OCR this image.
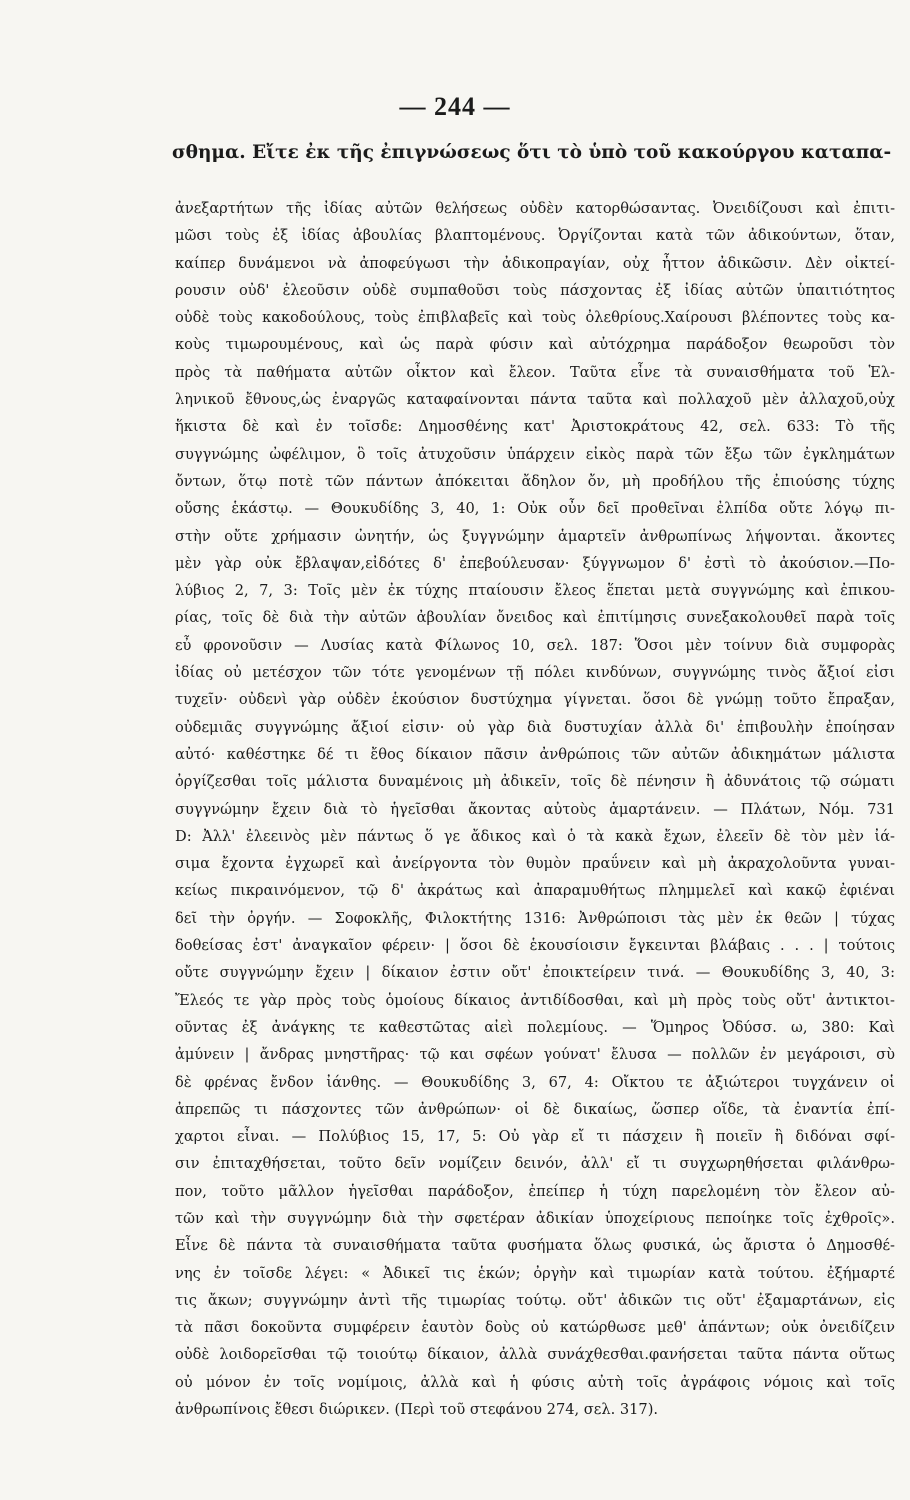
— 244 —
σθημα. Εἴτε ἐκ τῆς ἐπιγνώσεως ὅτι τὸ ὑπὸ τοῦ κακούργου καταπα-
ἀνεξαρτήτων τῆς ἰδίας αὐτῶν θελήσεως οὐδὲν κατορθώσαντας. Ὀνειδίζουσι καὶ ἐπιτι-
μῶσι τοὺς ἐξ ἰδίας ἀβουλίας βλαπτομένους. Ὀργίζονται κατὰ τῶν ἀδικούντων, ὅταν,
καίπερ δυνάμενοι νὰ ἀποφεύγωσι τὴν ἀδικοπραγίαν, οὐχ ἧττον ἀδικῶσιν. Δὲν οἰκτεί-
ρουσιν οὐδ' ἐλεοῦσιν οὐδὲ συμπαθοῦσι τοὺς πάσχοντας ἐξ ἰδίας αὐτῶν ὑπαιτιότητος
οὐδὲ τοὺς κακοδούλους, τοὺς ἐπιβλαβεῖς καὶ τοὺς ὀλεθρίους.Χαίρουσι βλέποντες τοὺς κα-
κοὺς τιμωρουμένους, καὶ ὡς παρὰ φύσιν καὶ αὐτόχρημα παράδοξον θεωροῦσι τὸν
πρὸς τὰ παθήματα αὐτῶν οἶκτον καὶ ἔλεον. Ταῦτα εἶνε τὰ συναισθήματα τοῦ Ἑλ-
ληνικοῦ ἔθνους,ὡς ἐναργῶς καταφαίνονται πάντα ταῦτα καὶ πολλαχοῦ μὲν ἀλλαχοῦ,οὐχ
ἥκιστα δὲ καὶ ἐν τοῖσδε: Δημοσθένης κατ' Ἀριστοκράτους 42, σελ. 633: Τὸ τῆς
συγγνώμης ὠφέλιμον, ὃ τοῖς ἀτυχοῦσιν ὑπάρχειν εἰκὸς παρὰ τῶν ἔξω τῶν ἐγκλημάτων
ὄντων, ὅτῳ ποτὲ τῶν πάντων ἀπόκειται ἄδηλον ὄν, μὴ προδήλου τῆς ἐπιούσης τύχης
οὔσης ἑκάστῳ. — Θουκυδίδης 3, 40, 1: Οὐκ οὖν δεῖ προθεῖναι ἐλπίδα οὔτε λόγῳ πι-
στὴν οὔτε χρήμασιν ὠνητήν, ὡς ξυγγνώμην ἁμαρτεῖν ἀνθρωπίνως λήψονται. ἄκοντες
μὲν γὰρ οὐκ ἔβλαψαν,εἰδότες δ' ἐπεβούλευσαν· ξύγγνωμον δ' ἐστὶ τὸ ἀκούσιον.—Πο-
λύβιος 2, 7, 3: Τοῖς μὲν ἐκ τύχης πταίουσιν ἔλεος ἕπεται μετὰ συγγνώμης καὶ ἐπικου-
ρίας, τοῖς δὲ διὰ τὴν αὐτῶν ἀβουλίαν ὄνειδος καὶ ἐπιτίμησις συνεξακολουθεῖ παρὰ τοῖς
εὖ φρονοῦσιν — Λυσίας κατὰ Φίλωνος 10, σελ. 187: Ὅσοι μὲν τοίνυν διὰ συμφορὰς
ἰδίας οὐ μετέσχον τῶν τότε γενομένων τῇ πόλει κινδύνων, συγγνώμης τινὸς ἄξιοί εἰσι
τυχεῖν· οὐδενὶ γὰρ οὐδὲν ἑκούσιον δυστύχημα γίγνεται. ὅσοι δὲ γνώμῃ τοῦτο ἔπραξαν,
οὐδεμιᾶς συγγνώμης ἄξιοί εἰσιν· οὐ γὰρ διὰ δυστυχίαν ἀλλὰ δι' ἐπιβουλὴν ἐποίησαν
αὐτό· καθέστηκε δέ τι ἔθος δίκαιον πᾶσιν ἀνθρώποις τῶν αὐτῶν ἀδικημάτων μάλιστα
ὀργίζεσθαι τοῖς μάλιστα δυναμένοις μὴ ἀδικεῖν, τοῖς δὲ πένησιν ἢ ἀδυνάτοις τῷ σώματι
συγγνώμην ἔχειν διὰ τὸ ἡγεῖσθαι ἄκοντας αὐτοὺς ἁμαρτάνειν. — Πλάτων, Νόμ. 731
D: Ἀλλ' ἐλεεινὸς μὲν πάντως ὅ γε ἄδικος καὶ ὁ τὰ κακὰ ἔχων, ἐλεεῖν δὲ τὸν μὲν ἰά-
σιμα ἔχοντα ἐγχωρεῖ καὶ ἀνείργοντα τὸν θυμὸν πραΰνειν καὶ μὴ ἀκραχολοῦντα γυναι-
κείως πικραινόμενον, τῷ δ' ἀκράτως καὶ ἀπαραμυθήτως πλημμελεῖ καὶ κακῷ ἐφιέναι
δεῖ τὴν ὀργήν. — Σοφοκλῆς, Φιλοκτήτης 1316: Ἀνθρώποισι τὰς μὲν ἐκ θεῶν | τύχας
δοθείσας ἐστ' ἀναγκαῖον φέρειν· | ὅσοι δὲ ἑκουσίοισιν ἔγκεινται βλάβαις . . . | τούτοις
οὔτε συγγνώμην ἔχειν | δίκαιον ἐστιν οὔτ' ἐποικτείρειν τινά. — Θουκυδίδης 3, 40, 3:
Ἔλεός τε γὰρ πρὸς τοὺς ὁμοίους δίκαιος ἀντιδίδοσθαι, καὶ μὴ πρὸς τοὺς οὔτ' ἀντικτοι-
οῦντας ἐξ ἀνάγκης τε καθεστῶτας αἰεὶ πολεμίους. — Ὅμηρος Ὀδύσσ. ω, 380: Καὶ
ἀμύνειν | ἄνδρας μνηστῆρας· τῷ και σφέων γούνατ' ἔλυσα — πολλῶν ἐν μεγάροισι, σὺ
δὲ φρένας ἔνδον ἰάνθης. — Θουκυδίδης 3, 67, 4: Οἴκτου τε ἀξιώτεροι τυγχάνειν οἱ
ἀπρεπῶς τι πάσχοντες τῶν ἀνθρώπων· οἱ δὲ δικαίως, ὥσπερ οἵδε, τὰ ἐναντία ἐπί-
χαρτοι εἶναι. — Πολύβιος 15, 17, 5: Οὐ γὰρ εἴ τι πάσχειν ἢ ποιεῖν ἢ διδόναι σφί-
σιν ἐπιταχθήσεται, τοῦτο δεῖν νομίζειν δεινόν, ἀλλ' εἴ τι συγχωρηθήσεται φιλάνθρω-
πον, τοῦτο μᾶλλον ἡγεῖσθαι παράδοξον, ἐπείπερ ἡ τύχη παρελομένη τὸν ἔλεον αὐ-
τῶν καὶ τὴν συγγνώμην διὰ τὴν σφετέραν ἀδικίαν ὑποχείριους πεποίηκε τοῖς ἐχθροῖς».
Εἶνε δὲ πάντα τὰ συναισθήματα ταῦτα φυσήματα ὅλως φυσικά, ὡς ἄριστα ὁ Δημοσθέ-
νης ἐν τοῖσδε λέγει: « Ἀδικεῖ τις ἑκών; ὀργὴν καὶ τιμωρίαν κατὰ τούτου. ἐξήμαρτέ
τις ἄκων; συγγνώμην ἀντὶ τῆς τιμωρίας τούτῳ. οὔτ' ἀδικῶν τις οὔτ' ἐξαμαρτάνων, εἰς
τὰ πᾶσι δοκοῦντα συμφέρειν ἑαυτὸν δοὺς οὐ κατώρθωσε μεθ' ἁπάντων; οὐκ ὀνειδίζειν
οὐδὲ λοιδορεῖσθαι τῷ τοιούτῳ δίκαιον, ἀλλὰ συνάχθεσθαι.φανήσεται ταῦτα πάντα οὕτως
οὐ μόνον ἐν τοῖς νομίμοις, ἀλλὰ καὶ ἡ φύσις αὐτὴ τοῖς ἀγράφοις νόμοις καὶ τοῖς
ἀνθρωπίνοις ἔθεσι διώρικεν. (Περὶ τοῦ στεφάνου 274, σελ. 317).
